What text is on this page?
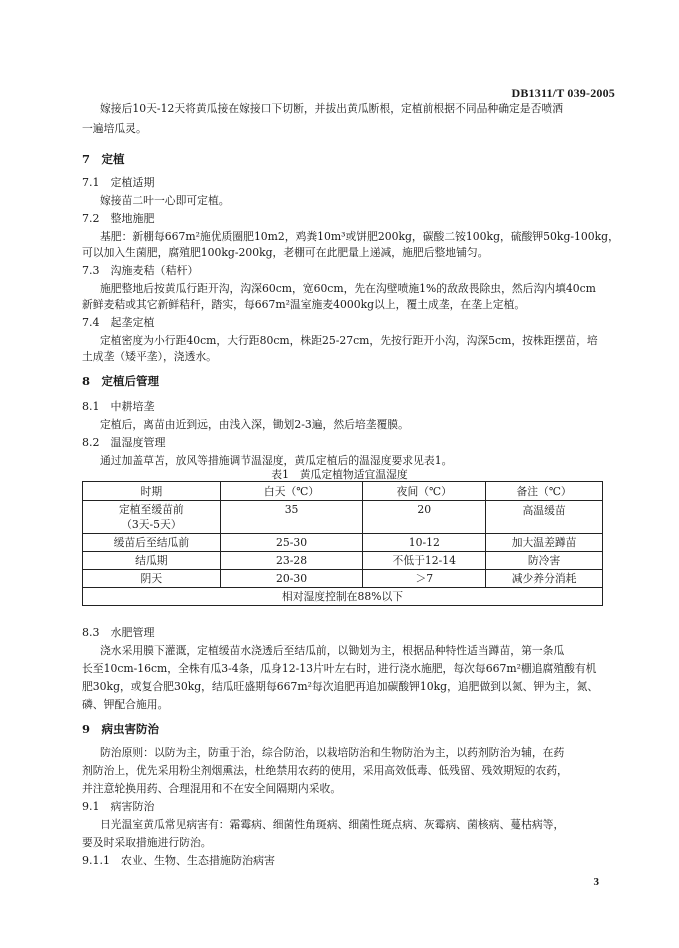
DB1311/T 039-2005
嫁接后10天-12天将黄瓜接在嫁接口下切断，并拔出黄瓜断根，定植前根据不同品种确定是否喷洒
一遍培瓜灵。
7　定植
7.1　定植适期
嫁接苗二叶一心即可定植。
7.2　整地施肥
基肥：新棚每667m²施优质圈肥10m2，鸡粪10m³或饼肥200kg，碳酸二铵100kg，硫酸钾50kg-100kg，
可以加入生菌肥，腐殖肥100kg-200kg，老棚可在此肥量上递减，施肥后整地铺匀。
7.3　沟施麦秸（秸杆）
施肥整地后按黄瓜行距开沟，沟深60cm，宽60cm，先在沟壁喷施1%的敌敌畏除虫，然后沟内填40cm
新鲜麦秸或其它新鲜秸秆，踏实，每667m²温室施麦4000kg以上，覆土成垄，在垄上定植。
7.4　起垄定植
定植密度为小行距40cm，大行距80cm，株距25-27cm，先按行距开小沟，沟深5cm，按株距摆苗，培
土成垄（矮平垄），浇透水。
8　定植后管理
8.1　中耕培垄
定植后，离苗由近到远，由浅入深，锄划2-3遍，然后培垄覆膜。
8.2　温湿度管理
通过加盖草苫，放风等措施调节温湿度，黄瓜定植后的温湿度要求见表1。
表1　黄瓜定植物适宜温湿度
时期	白天（℃）	夜间（℃）	备注（℃）

定植至缓苗前
（3天-5天）	35	20	高温缓苗
缓苗后至结瓜前	25-30	10-12	加大温差蹲苗
结瓜期	23-28	不低于12-14	防冷害
阴天	20-30	＞7	减少养分消耗
相对湿度控制在88%以下			
8.3　水肥管理
浇水采用膜下灌溉，定植缓苗水浇透后至结瓜前，以锄划为主，根据品种特性适当蹲苗，第一条瓜
长至10cm-16cm，全株有瓜3-4条，瓜身12-13片叶左右时，进行浇水施肥，每次每667m²棚追腐殖酸有机
肥30kg，或复合肥30kg，结瓜旺盛期每667m²每次追肥再追加碳酸钾10kg，追肥做到以氮、钾为主，氮、
磷、钾配合施用。
9　病虫害防治
防治原则：以防为主，防重于治，综合防治，以栽培防治和生物防治为主，以药剂防治为辅，在药
剂防治上，优先采用粉尘剂烟熏法，杜绝禁用农药的使用，采用高效低毒、低残留、残效期短的农药，
并注意轮换用药、合理混用和不在安全间隔期内采收。
9.1　病害防治
日光温室黄瓜常见病害有：霜霉病、细菌性角斑病、细菌性斑点病、灰霉病、菌核病、蔓枯病等，
要及时采取措施进行防治。
9.1.1　农业、生物、生态措施防治病害
3
